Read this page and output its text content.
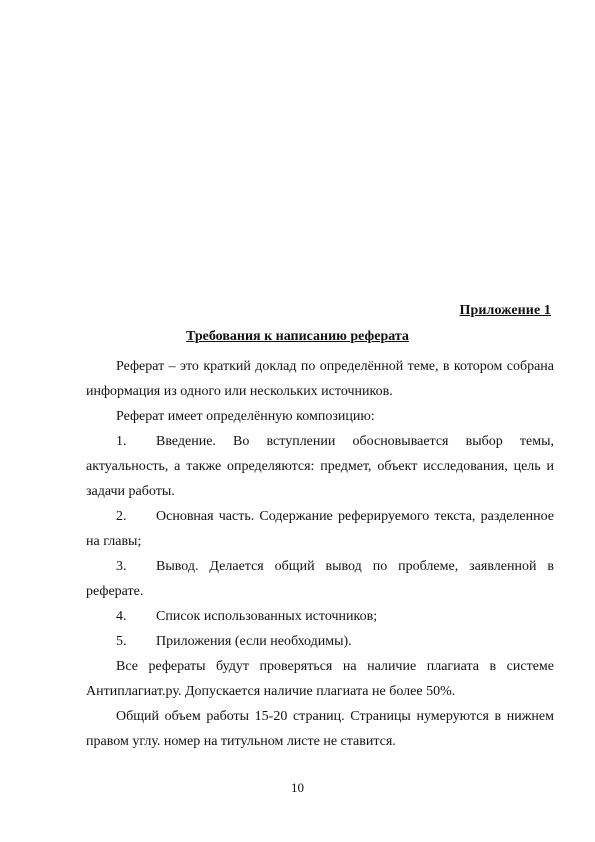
Приложение 1
Требования к написанию реферата

Реферат – это краткий доклад по определённой теме, в котором собрана информация из одного или нескольких источников.

Реферат имеет определённую композицию:

1. Введение. Во вступлении обосновывается выбор темы, актуальность, а также определяются: предмет, объект исследования, цель и задачи работы.

2. Основная часть. Содержание реферируемого текста, разделенное на главы;

3. Вывод. Делается общий вывод по проблеме, заявленной в реферате.

4. Список использованных источников;

5. Приложения (если необходимы).

Все рефераты будут проверяться на наличие плагиата в системе Антиплагиат.ру. Допускается наличие плагиата не более 50%.

Общий объем работы 15-20 страниц. Страницы нумеруются в нижнем правом углу. номер на титульном листе не ставится.

10
